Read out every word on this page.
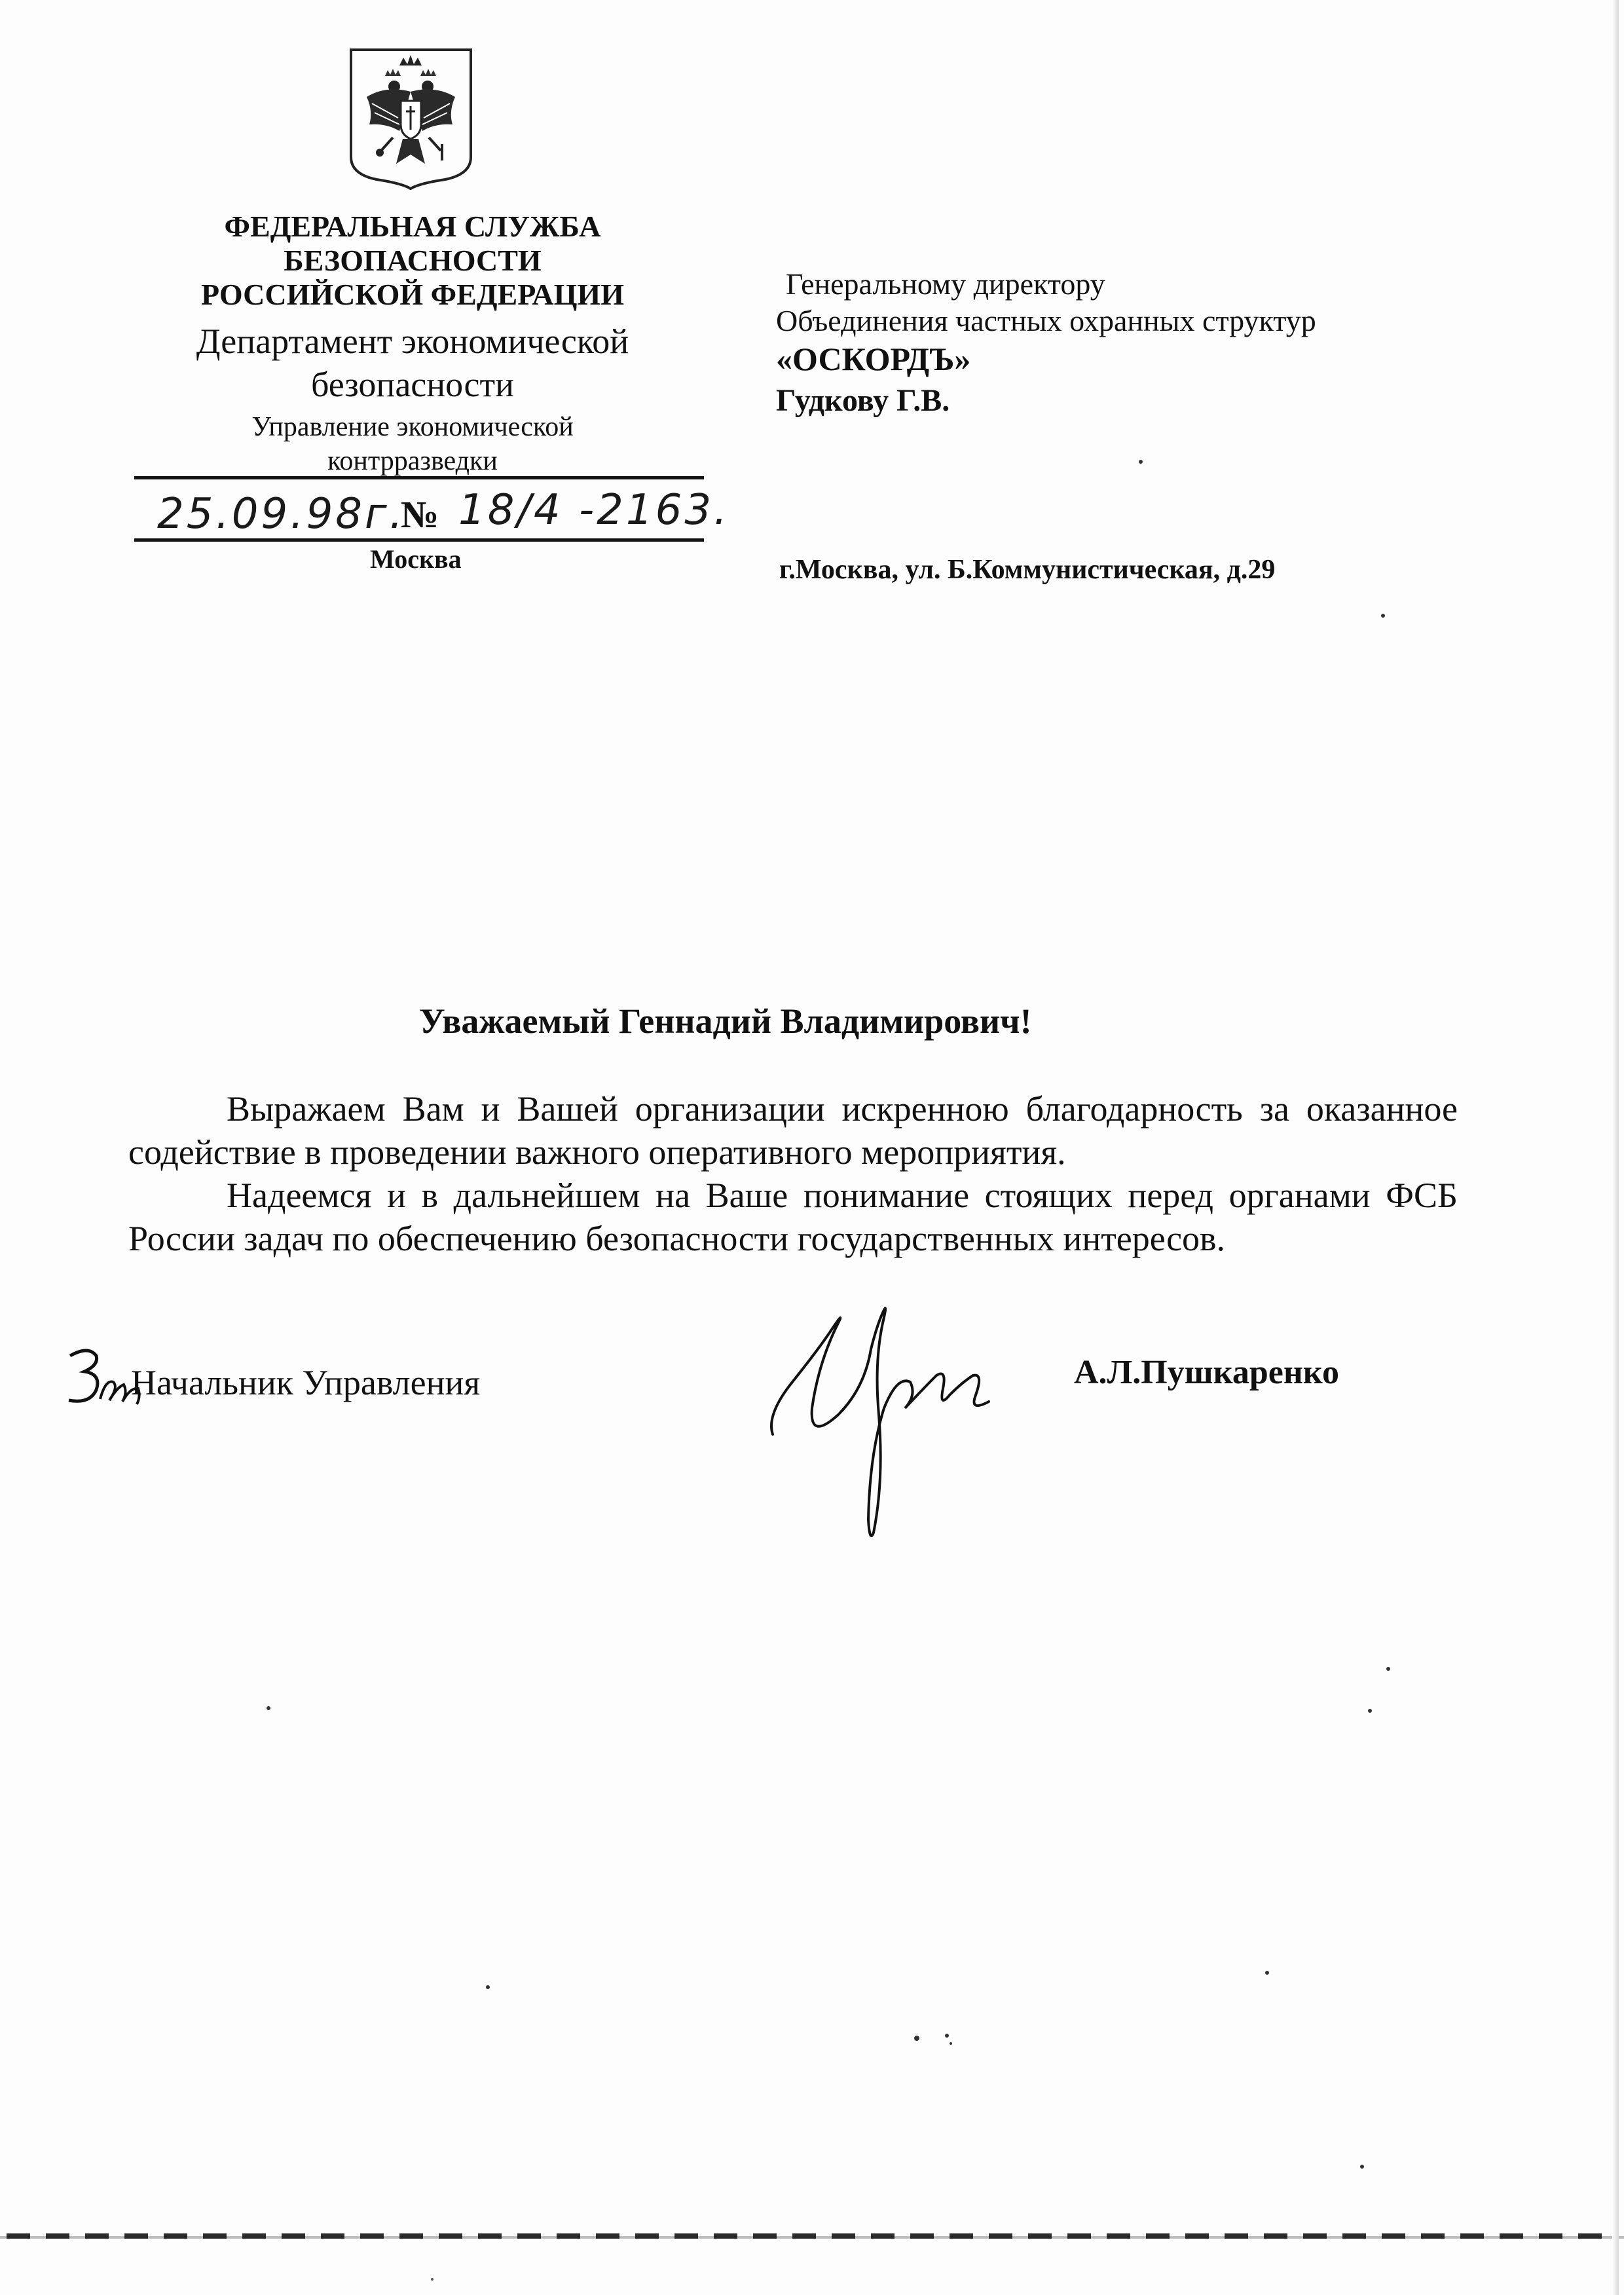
ФЕДЕРАЛЬНАЯ СЛУЖБА
БЕЗОПАСНОСТИ
РОССИЙСКОЙ ФЕДЕРАЦИИ
Департамент экономической
безопасности
Управление экономической
контрразведки
25.09.98г.
№ 18/4 -2163.
Москва
Генеральному директору
Объединения частных охранных структур
«ОСКОРДЪ»
Гудкову Г.В.
г.Москва, ул. Б.Коммунистическая, д.29
Уважаемый Геннадий Владимирович!
Выражаем Вам и Вашей организации искренною благодарность за оказанное содействие в проведении важного оперативного мероприятия.
Надеемся и в дальнейшем на Ваше понимание стоящих перед органами ФСБ России задач по обеспечению безопасности государственных интересов.
Начальник Управления	А.Л.Пушкаренко
